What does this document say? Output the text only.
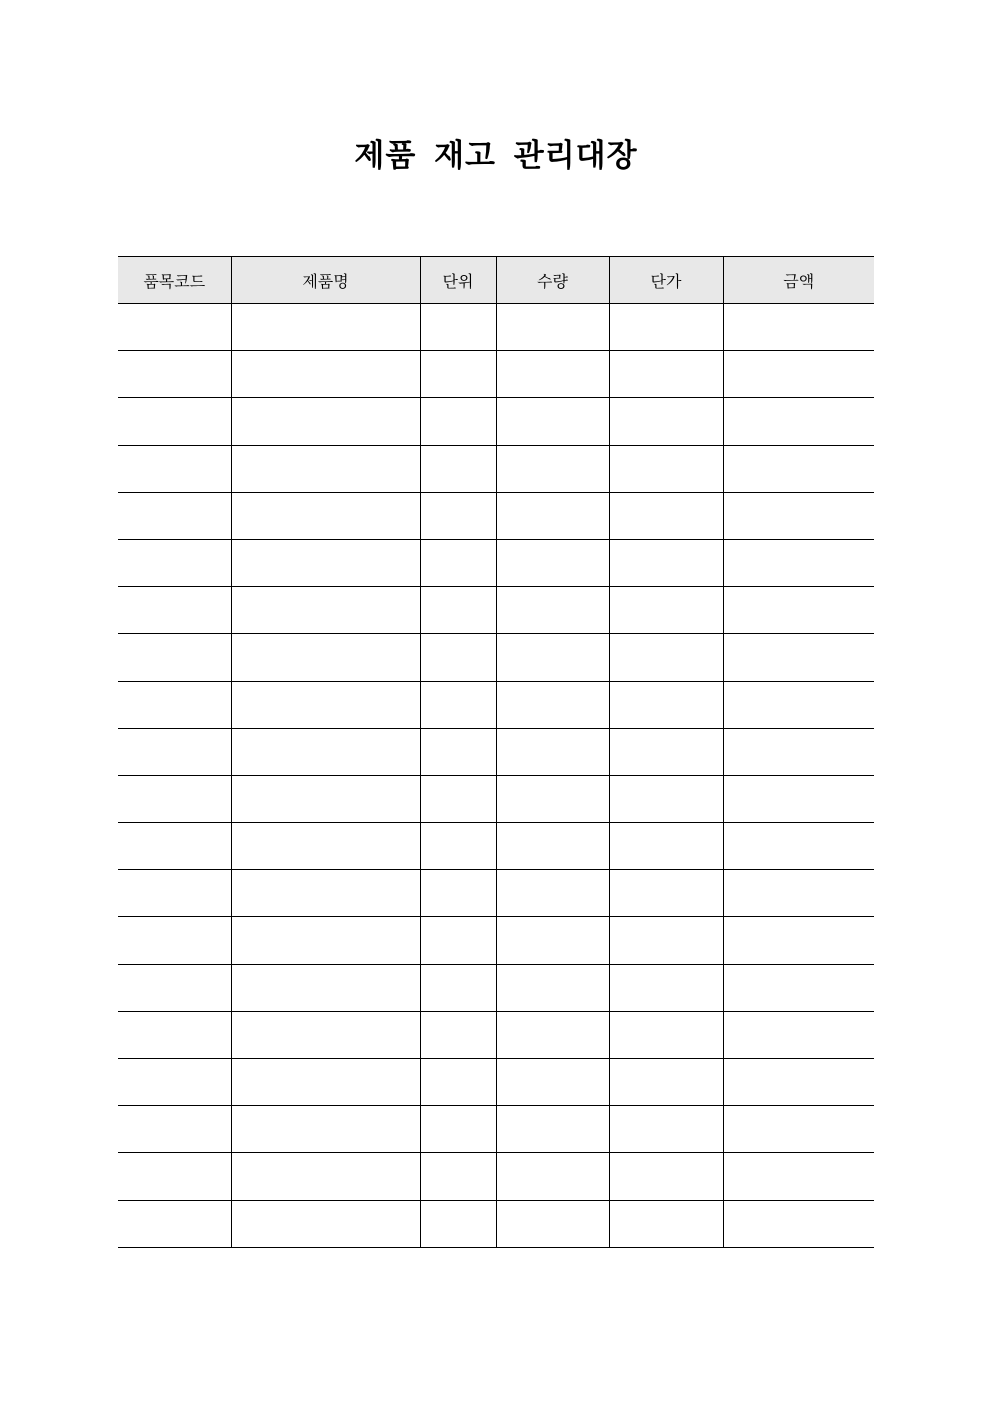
제품 재고 관리대장
품목코드	제품명	단위	수량	단가	금액
